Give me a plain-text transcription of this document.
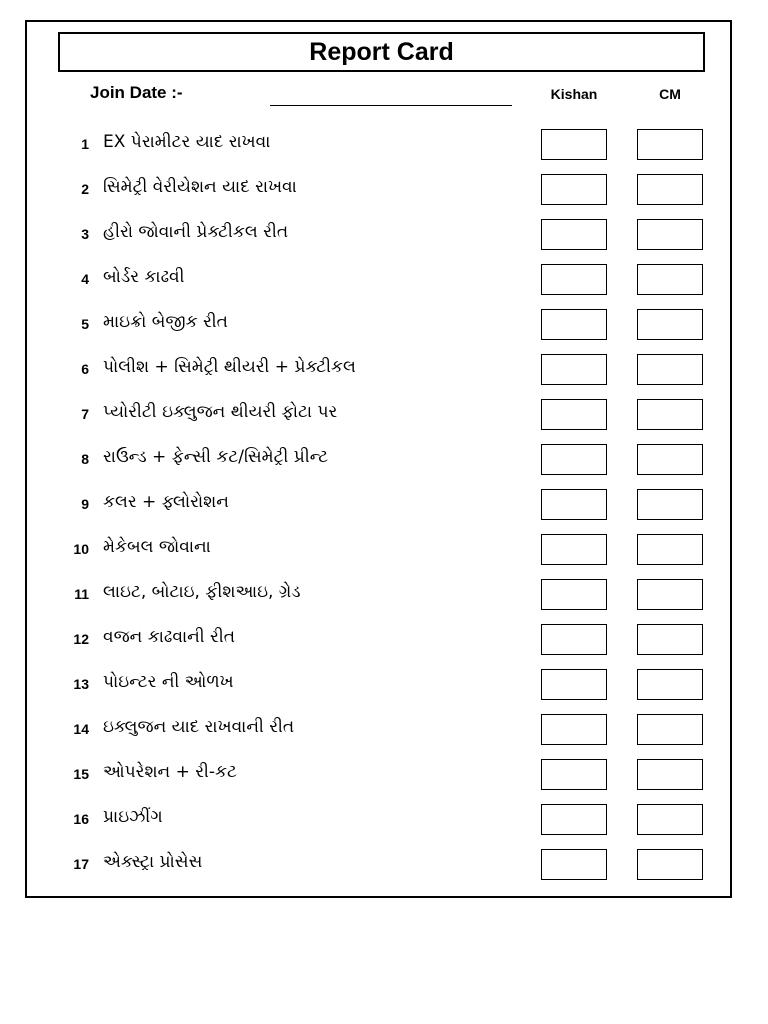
Report Card
Join Date :-	Kishan	CM
1 EX પેરામીટર યાદ રાખવા
2 સિમેટ્રી વેરીયેશન યાદ રાખવા
3 હીરો જોવાની પ્રેક્ટીકલ રીત
4 બોર્ડર કાઢવી
5 માઇક્રો બેજીક રીત
6 પોલીશ + સિમેટ્રી થીયરી + પ્રેક્ટીકલ
7 પ્યોરીટી ઇક્લુજન થીયરી ફોટા પર
8 રાઉન્ડ + ફેન્સી કટ/સિમેટ્રી પ્રીન્ટ
9 કલર + ફ્લોરોશન
10 મેકેબલ જોવાના
11 લાઇટ, બોટાઇ, ફીશઆઇ, ગ્રેડ
12 વજન કાઢવાની રીત
13 પોઇન્ટર ની ઓળખ
14 ઇક્લુજન યાદ રાખવાની રીત
15 ઓપરેશન + રી-કટ
16 પ્રાઇઝીંગ
17 એક્સ્ટ્રા પ્રોસેસ
